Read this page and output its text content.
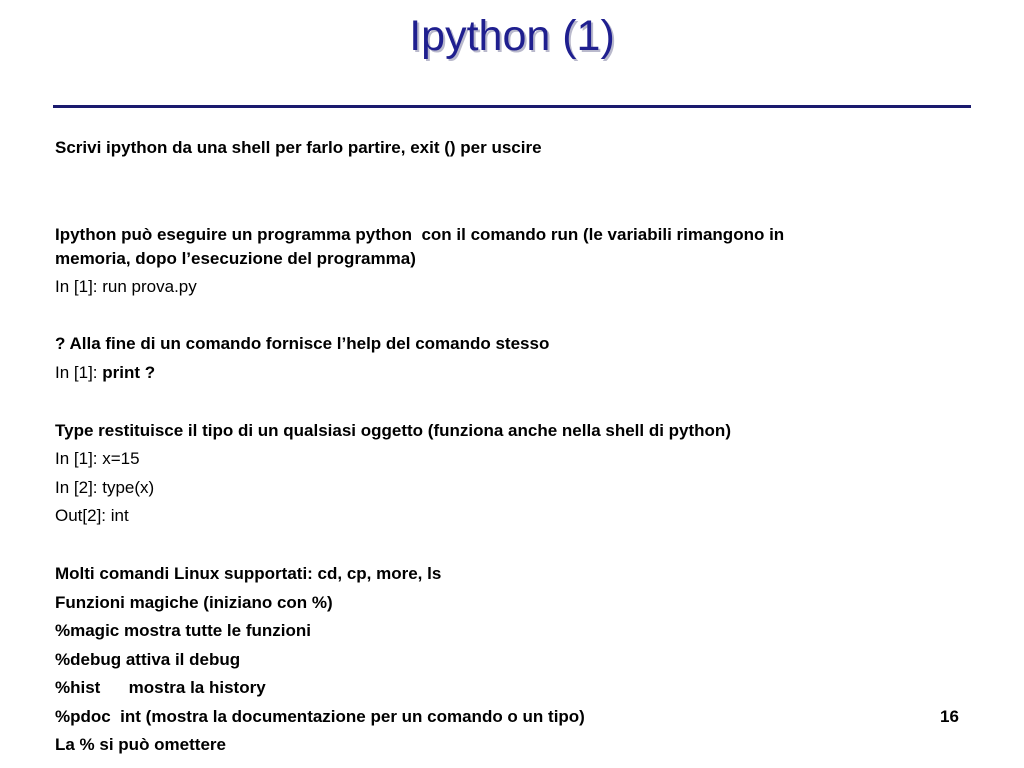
Ipython (1)
Scrivi ipython da una shell per farlo partire, exit () per uscire
Ipython può eseguire un programma python  con il comando run (le variabili rimangono in
memoria, dopo l’esecuzione del programma)
In [1]: run prova.py
? Alla fine di un comando fornisce l’help del comando stesso
In [1]: print ?
Type restituisce il tipo di un qualsiasi oggetto (funziona anche nella shell di python)
In [1]: x=15
In [2]: type(x)
Out[2]: int
Molti comandi Linux supportati: cd, cp, more, ls
Funzioni magiche (iniziano con %)
%magic mostra tutte le funzioni
%debug attiva il debug
%hist      mostra la history
%pdoc  int (mostra la documentazione per un comando o un tipo)
La % si può omettere
16
